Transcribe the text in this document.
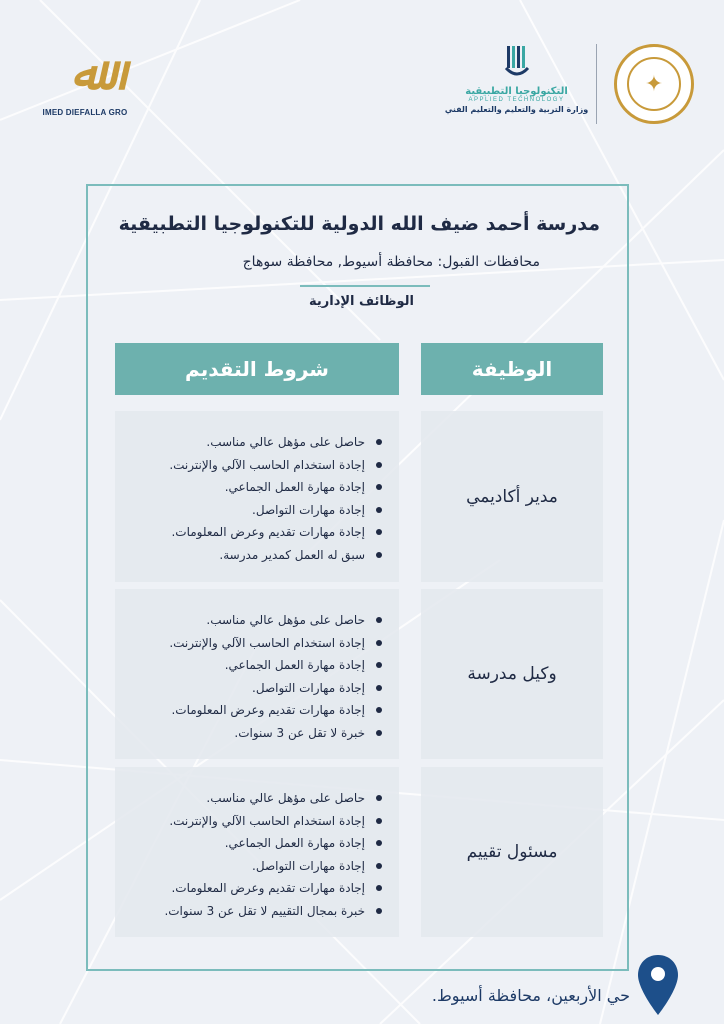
ﷲ
IMED DIEFALLA GRO
التكنولوجيا التطبيقية
APPLIED TECHNOLOGY
وزارة التربية والتعليم والتعليم الفني
✦
مدرسة أحمد ضيف الله الدولية للتكنولوجيا التطبيقية
محافظات القبول: محافظة أسيوط, محافظة سوهاج
الوظائف الإدارية
الوظيفة
شروط التقديم
مدير أكاديمي
حاصل على مؤهل عالي مناسب.
إجادة استخدام الحاسب الآلي والإنترنت.
إجادة مهارة العمل الجماعي.
إجادة مهارات التواصل.
إجادة مهارات تقديم وعرض المعلومات.
سبق له العمل كمدير مدرسة.
وكيل مدرسة
حاصل على مؤهل عالي مناسب.
إجادة استخدام الحاسب الآلي والإنترنت.
إجادة مهارة العمل الجماعي.
إجادة مهارات التواصل.
إجادة مهارات تقديم وعرض المعلومات.
خبرة لا تقل عن 3 سنوات.
مسئول تقييم
حاصل على مؤهل عالي مناسب.
إجادة استخدام الحاسب الآلي والإنترنت.
إجادة مهارة العمل الجماعي.
إجادة مهارات التواصل.
إجادة مهارات تقديم وعرض المعلومات.
خبرة بمجال التقييم لا تقل عن 3 سنوات.
حي الأربعين، محافظة أسيوط.
